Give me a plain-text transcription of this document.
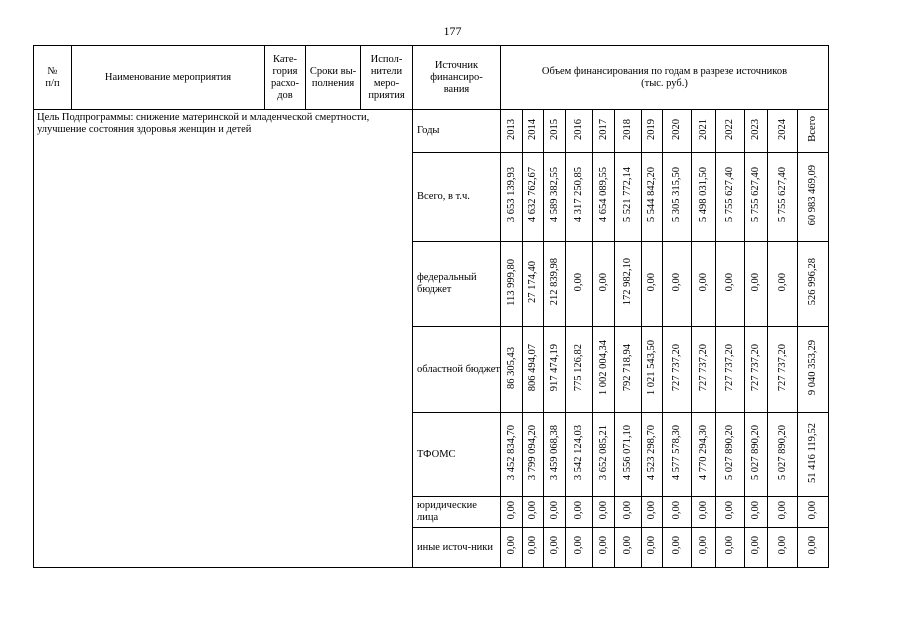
177
№
п/п	Наименование мероприятия	Кате-
гория
расхо-
дов	Сроки вы-
полнения	Испол-
нители
меро-
приятия	Источник
финансиро-
вания	Объем финансирования по годам в разрезе источников
(тыс. руб.)												
Цель Подпрограммы: снижение материнской и младенческой смертности, улучшение состояния здоровья женщин и детей					Годы	2013	2014	2015	2016	2017	2018	2019	2020	2021	2022	2023	2024	Всего
					Всего, в т.ч.	3 653 139,93	4 632 762,67	4 589 382,55	4 317 250,85	4 654 089,55	5 521 772,14	5 544 842,20	5 305 315,50	5 498 031,50	5 755 627,40	5 755 627,40	5 755 627,40	60 983 469,09
					федеральный бюджет	113 999,80	27 174,40	212 839,98	0,00	0,00	172 982,10	0,00	0,00	0,00	0,00	0,00	0,00	526 996,28
					областной бюджет	86 305,43	806 494,07	917 474,19	775 126,82	1 002 004,34	792 718,94	1 021 543,50	727 737,20	727 737,20	727 737,20	727 737,20	727 737,20	9 040 353,29
					ТФОМС	3 452 834,70	3 799 094,20	3 459 068,38	3 542 124,03	3 652 085,21	4 556 071,10	4 523 298,70	4 577 578,30	4 770 294,30	5 027 890,20	5 027 890,20	5 027 890,20	51 416 119,52
					юридические лица	0,00	0,00	0,00	0,00	0,00	0,00	0,00	0,00	0,00	0,00	0,00	0,00	0,00
					иные источ-ники	0,00	0,00	0,00	0,00	0,00	0,00	0,00	0,00	0,00	0,00	0,00	0,00	0,00
